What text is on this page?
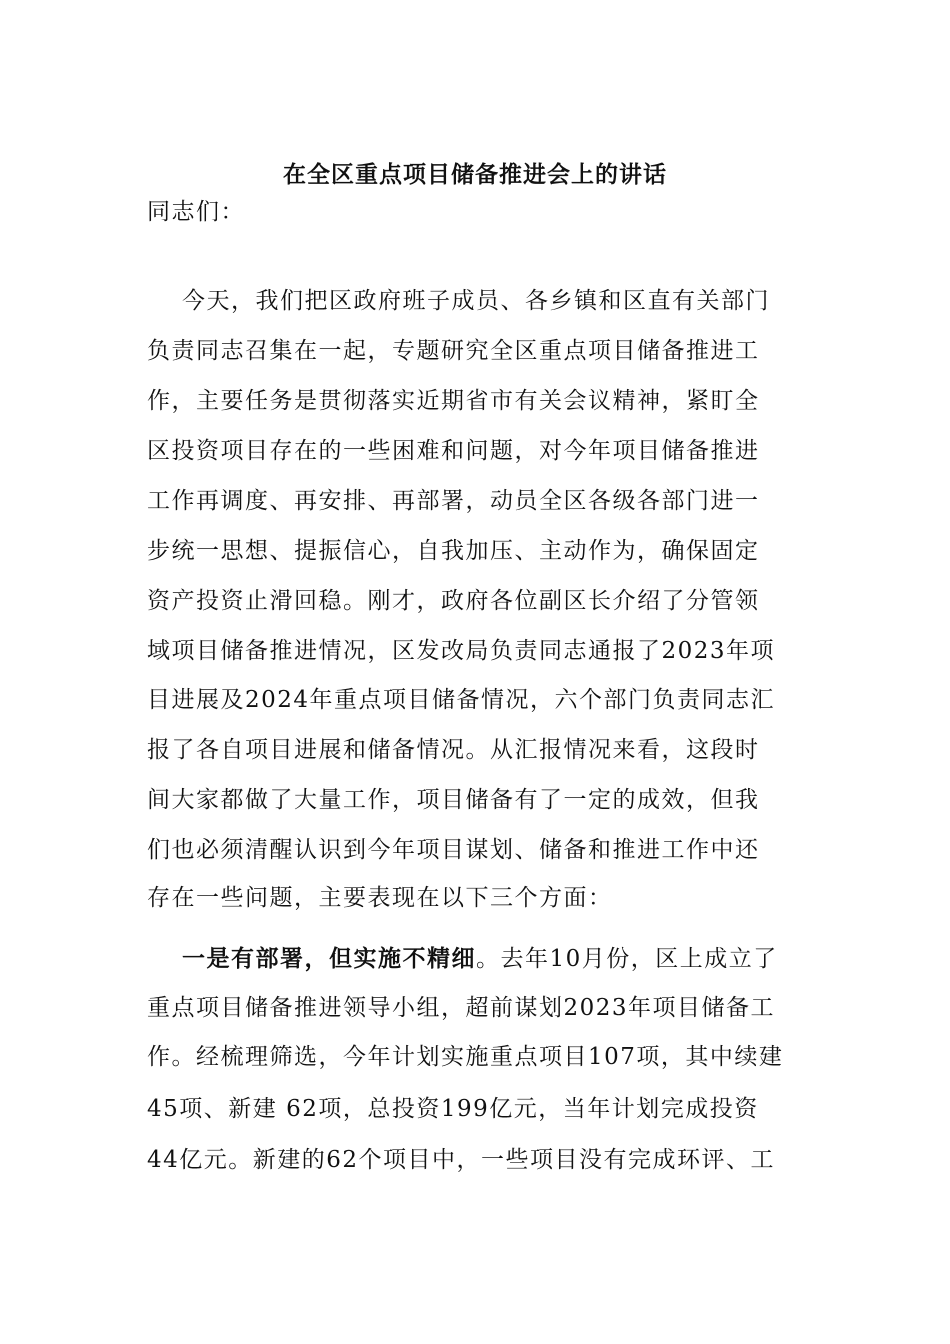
在全区重点项目储备推进会上的讲话
同志们：
今天，我们把区政府班子成员、各乡镇和区直有关部门
负责同志召集在一起，专题研究全区重点项目储备推进工
作，主要任务是贯彻落实近期省市有关会议精神，紧盯全
区投资项目存在的一些困难和问题，对今年项目储备推进
工作再调度、再安排、再部署，动员全区各级各部门进一
步统一思想、提振信心，自我加压、主动作为，确保固定
资产投资止滑回稳。刚才，政府各位副区长介绍了分管领
域项目储备推进情况，区发改局负责同志通报了2023年项
目进展及2024年重点项目储备情况，六个部门负责同志汇
报了各自项目进展和储备情况。从汇报情况来看，这段时
间大家都做了大量工作，项目储备有了一定的成效，但我
们也必须清醒认识到今年项目谋划、储备和推进工作中还
存在一些问题，主要表现在以下三个方面：
一是有部署，但实施不精细。去年10月份，区上成立了
重点项目储备推进领导小组，超前谋划2023年项目储备工
作。经梳理筛选，今年计划实施重点项目107项，其中续建
45项、新建 62项，总投资199亿元，当年计划完成投资
44亿元。新建的62个项目中，一些项目没有完成环评、工
